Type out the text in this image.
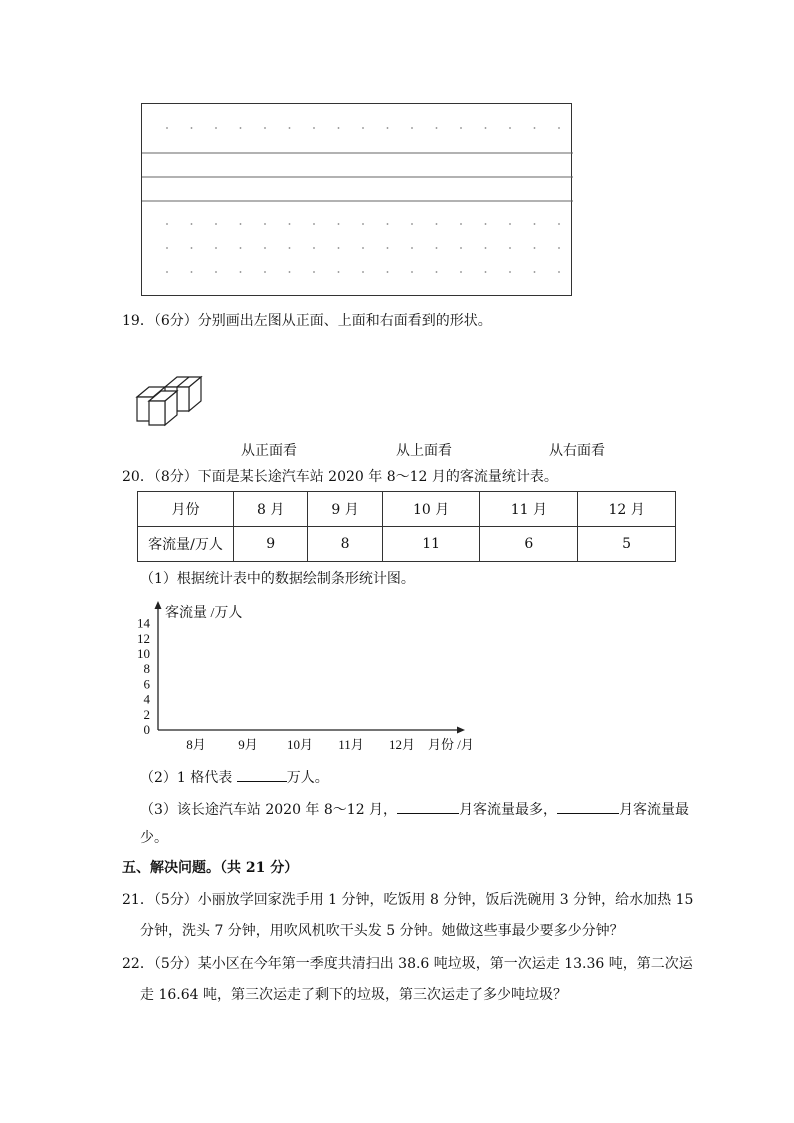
19．（6分）分别画出左图从正面、上面和右面看到的形状。
从正面看	从上面看	从右面看
20．（8分）下面是某长途汽车站 2020 年 8～12 月的客流量统计表。
月份	8 月	9 月	10 月	11 月	12 月
客流量/万人	9	8	11	6	5
（1）根据统计表中的数据绘制条形统计图。
0
2
4
6
8
10
12
14
客流量 /万人
8月 9月 10月 11月 12月 月份 /月
（2）1 格代表	万人。
（3）该长途汽车站 2020 年 8～12 月，	月客流量最多，	月客流量最
少。
五、解决问题。（共 21 分）
21．（5分）小丽放学回家洗手用 1 分钟，吃饭用 8 分钟，饭后洗碗用 3 分钟，给水加热 15
分钟，洗头 7 分钟，用吹风机吹干头发 5 分钟。她做这些事最少要多少分钟？
22．（5分）某小区在今年第一季度共清扫出 38.6 吨垃圾，第一次运走 13.36 吨，第二次运
走 16.64 吨，第三次运走了剩下的垃圾，第三次运走了多少吨垃圾？
